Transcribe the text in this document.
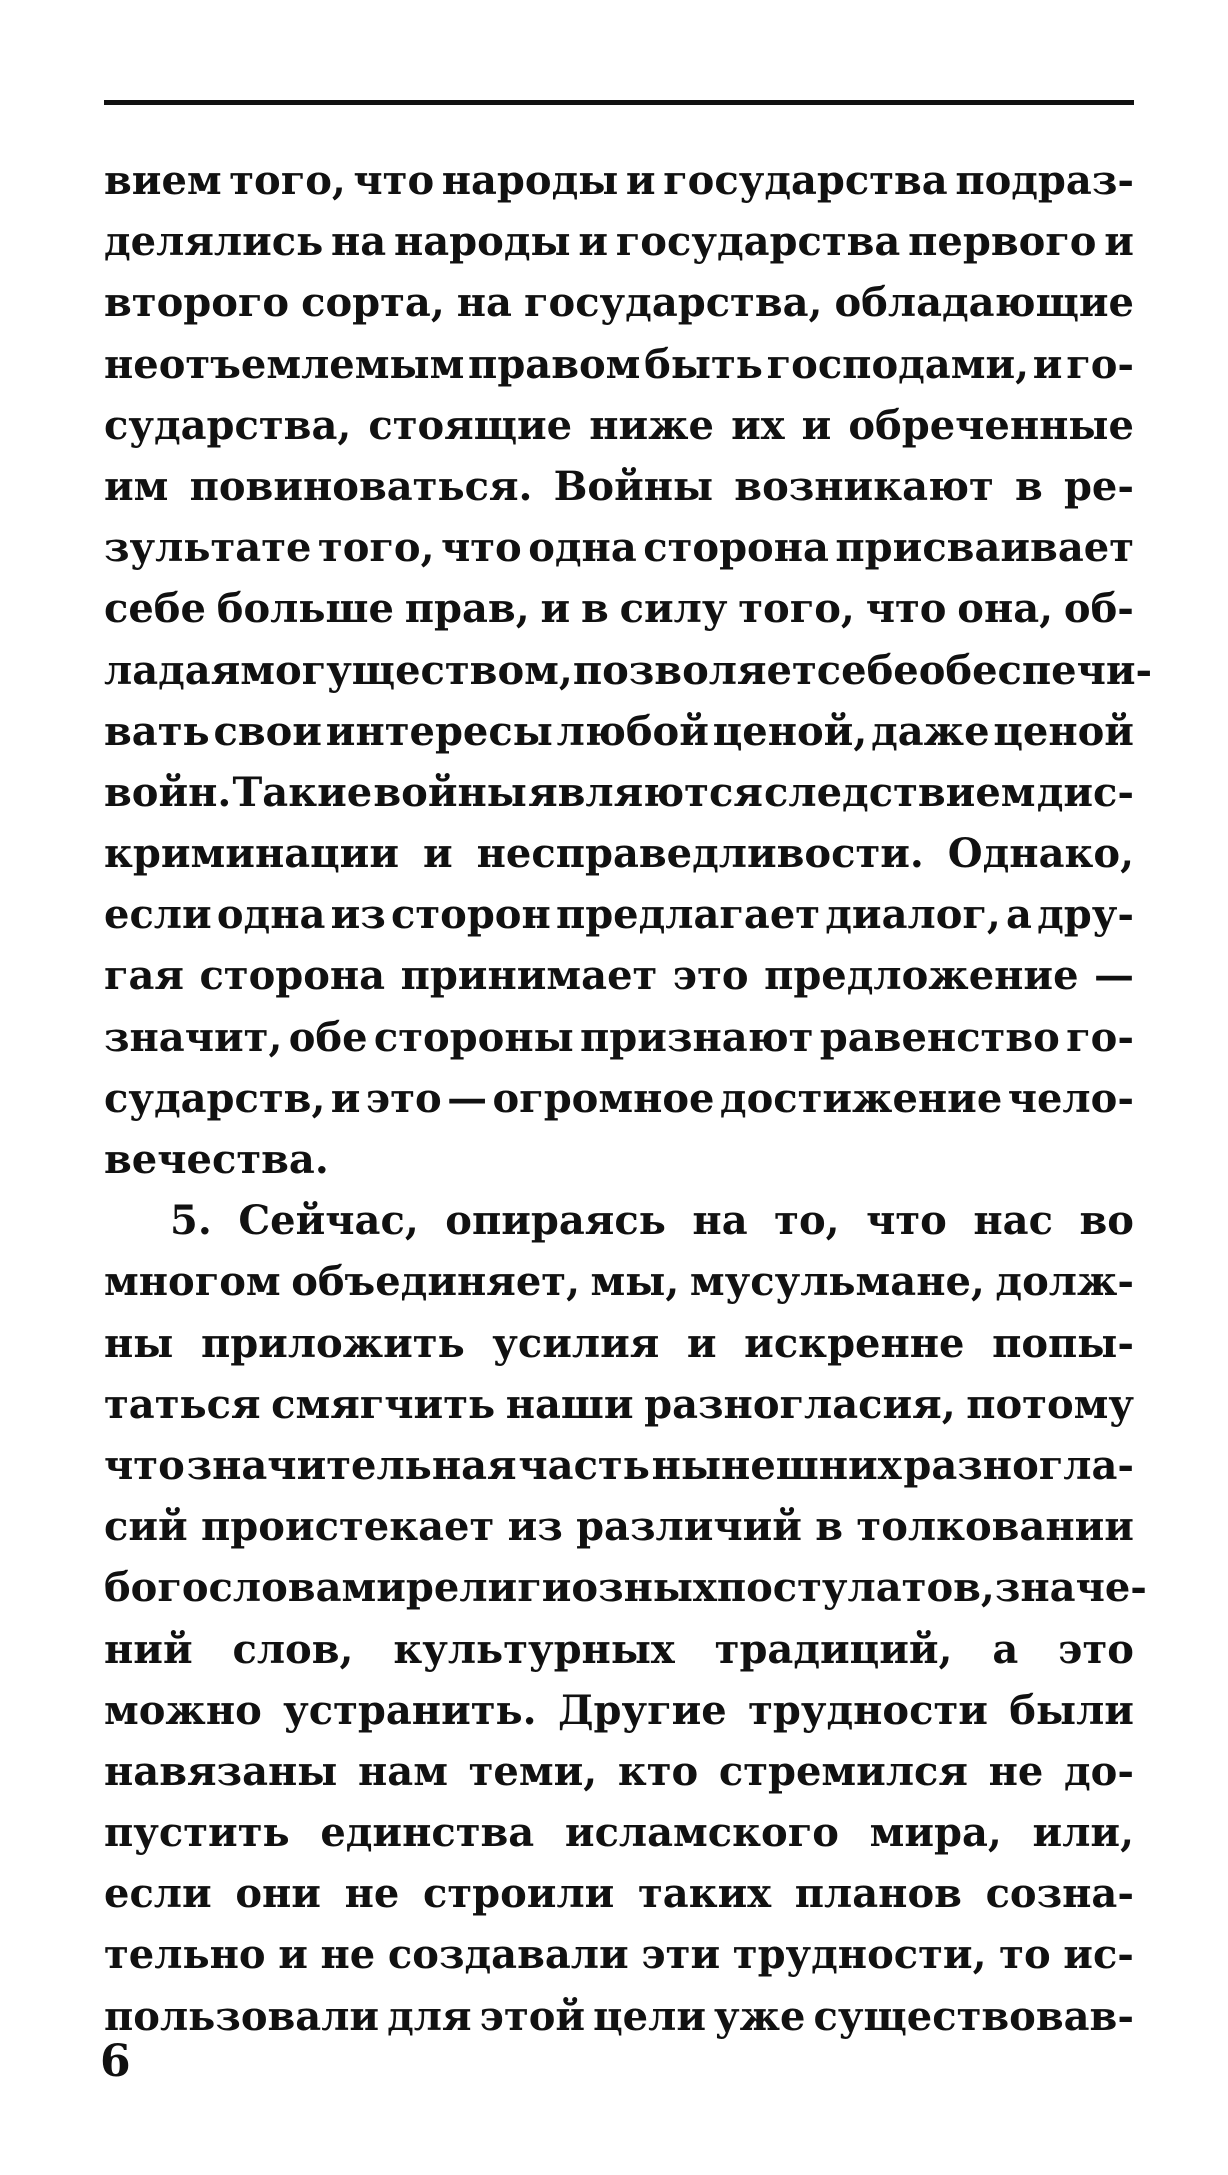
вием того, что народы и государства подраз-
делялись на народы и государства первого и
второго сорта, на государства, обладающие
неотъемлемым правом быть господами, и го-
сударства, стоящие ниже их и обреченные
им повиноваться. Войны возникают в ре-
зультате того, что одна сторона присваивает
себе больше прав, и в силу того, что она, об-
ладая могуществом, позволяет себе обеспечи-
вать свои интересы любой ценой, даже ценой
войн. Такие войны являются следствием дис-
криминации и несправедливости. Однако,
если одна из сторон предлагает диалог, а дру-
гая сторона принимает это предложение —
значит, обе стороны признают равенство го-
сударств, и это — огромное достижение чело-
вечества.
5. Сейчас, опираясь на то, что нас во
многом объединяет, мы, мусульмане, долж-
ны приложить усилия и искренне попы-
таться смягчить наши разногласия, потому
что значительная часть нынешних разногла-
сий проистекает из различий в толковании
богословами религиозных постулатов, значе-
ний слов, культурных традиций, а это
можно устранить. Другие трудности были
навязаны нам теми, кто стремился не до-
пустить единства исламского мира, или,
если они не строили таких планов созна-
тельно и не создавали эти трудности, то ис-
пользовали для этой цели уже существовав-
6
